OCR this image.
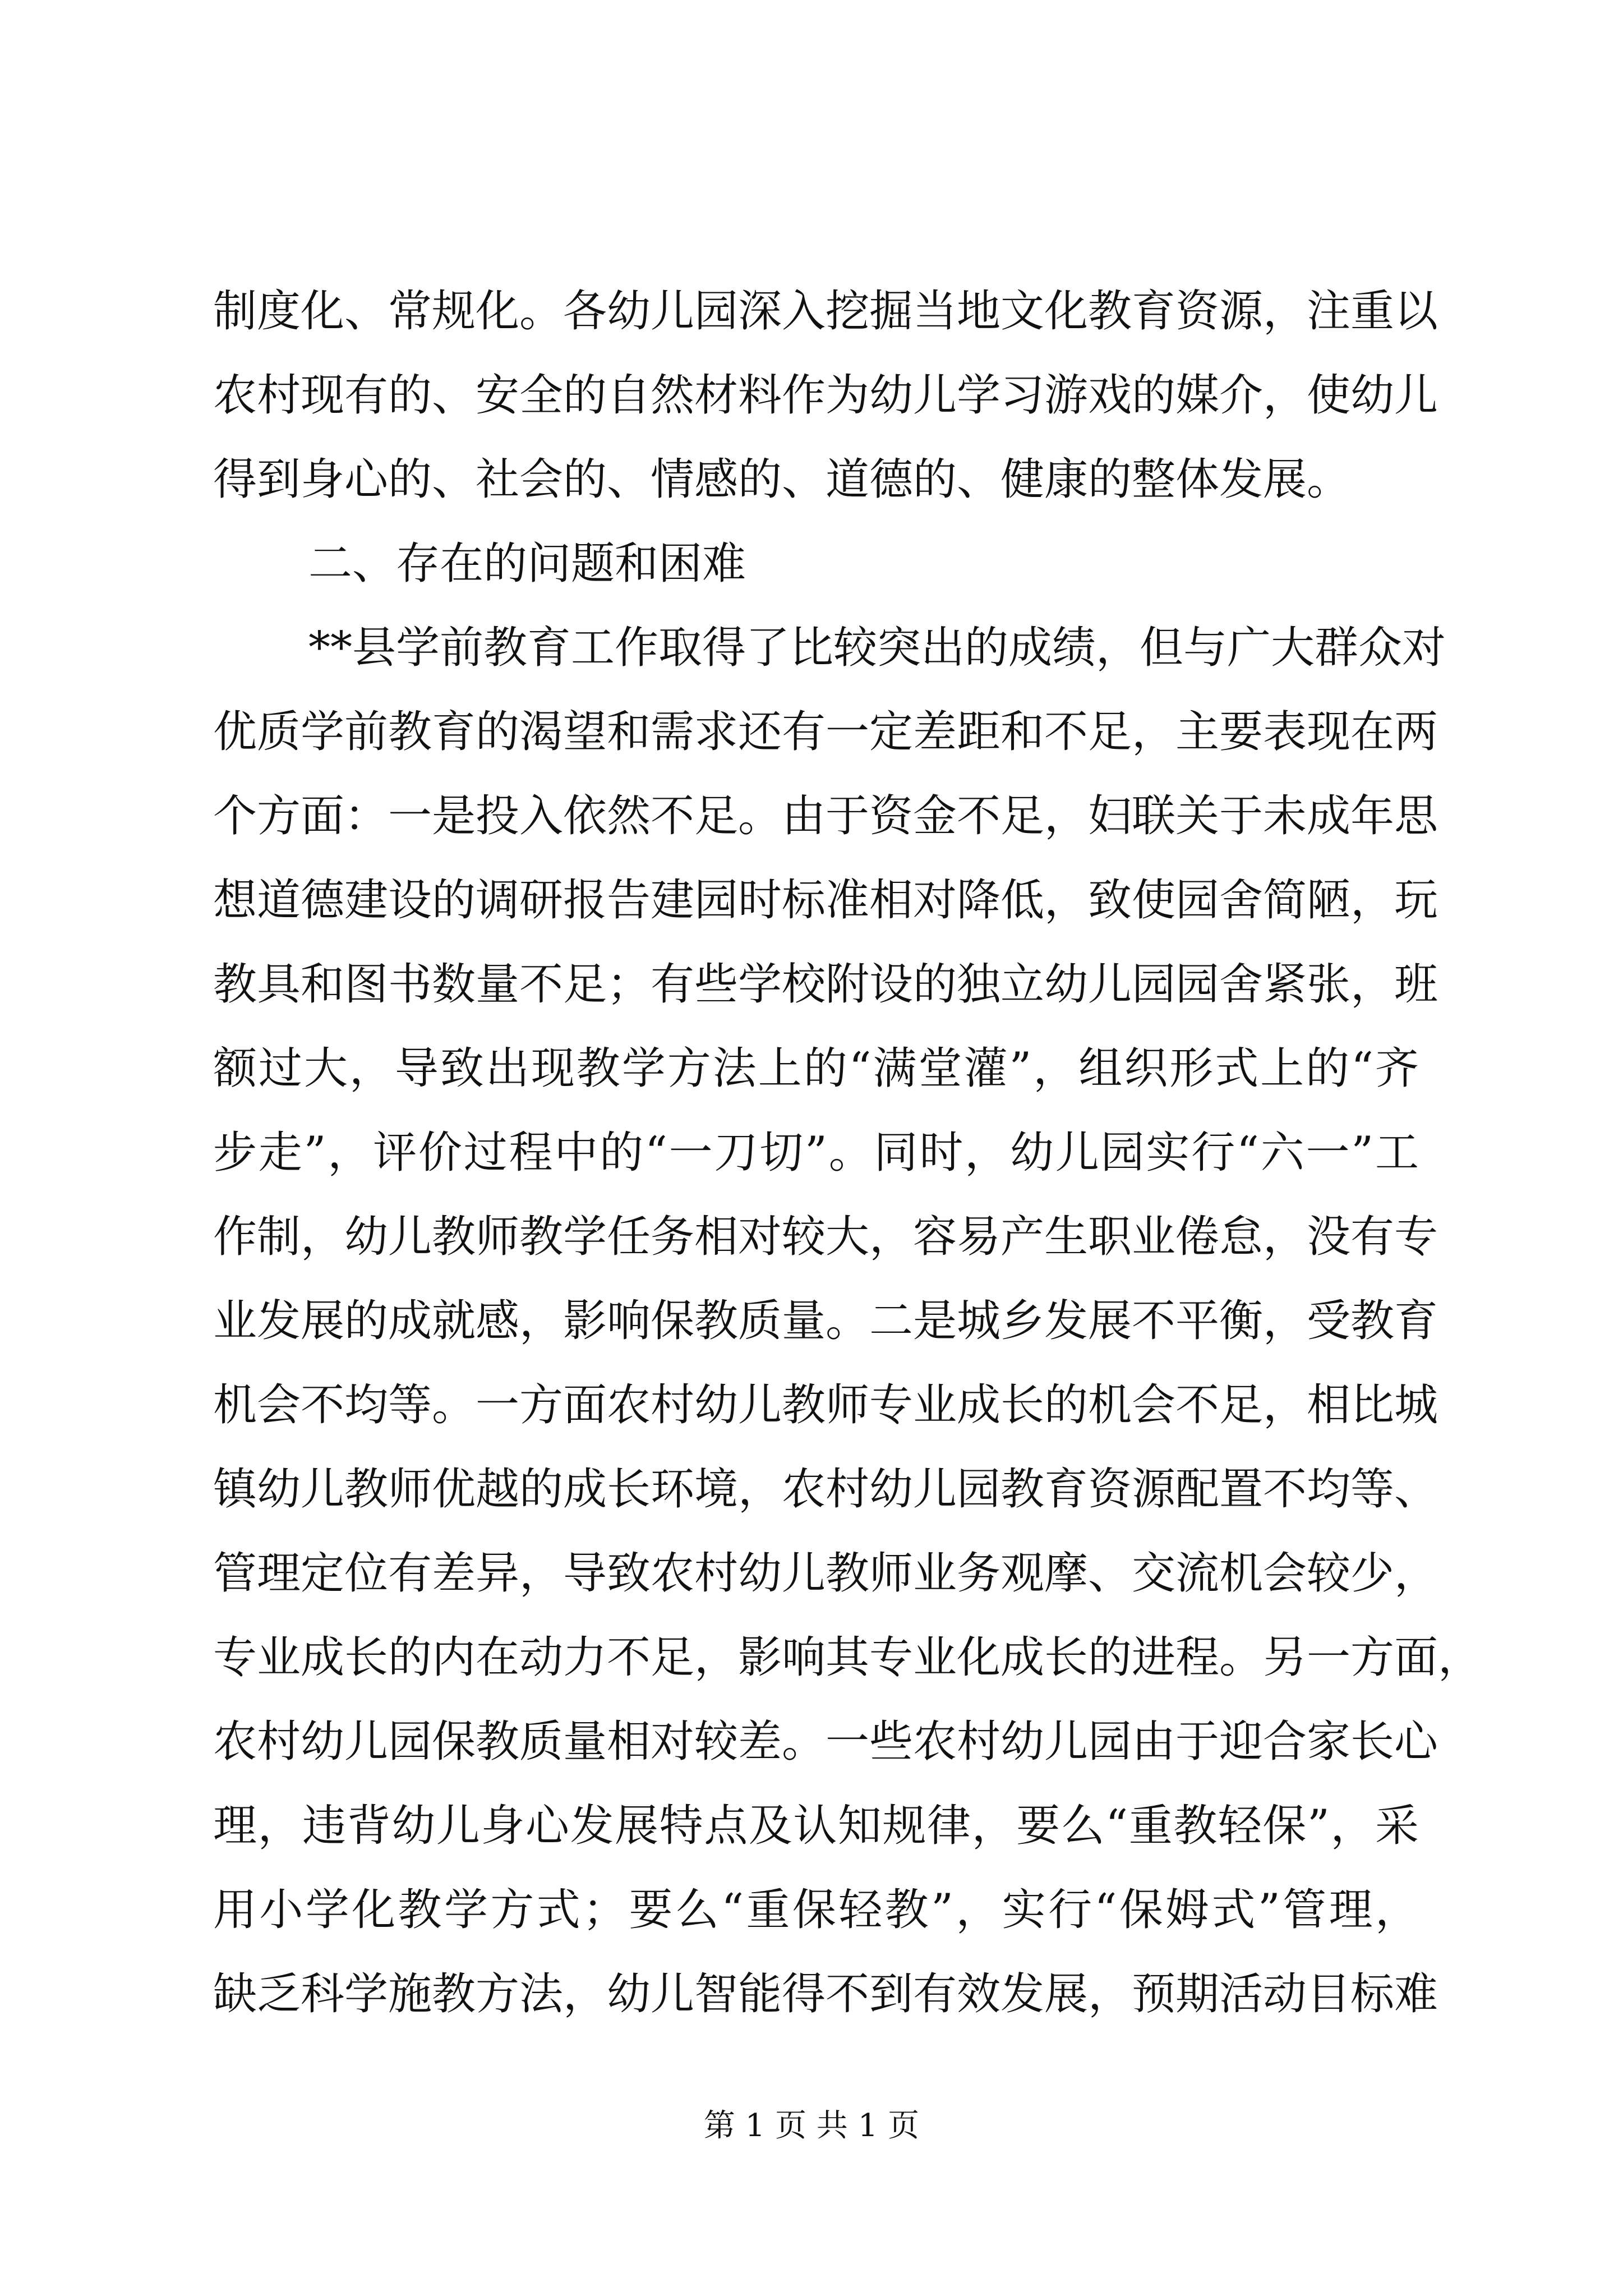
制度化、常规化。各幼儿园深入挖掘当地文化教育资源，注重以
农村现有的、安全的自然材料作为幼儿学习游戏的媒介，使幼儿
得到身心的、社会的、情感的、道德的、健康的整体发展。
二、存在的问题和困难
**县学前教育工作取得了比较突出的成绩，但与广大群众对
优质学前教育的渴望和需求还有一定差距和不足，主要表现在两
个方面：一是投入依然不足。由于资金不足，妇联关于未成年思
想道德建设的调研报告建园时标准相对降低，致使园舍简陋，玩
教具和图书数量不足；有些学校附设的独立幼儿园园舍紧张，班
额过大，导致出现教学方法上的“满堂灌”，组织形式上的“齐
步走”，评价过程中的“一刀切”。同时，幼儿园实行“六一”工
作制，幼儿教师教学任务相对较大，容易产生职业倦怠，没有专
业发展的成就感，影响保教质量。二是城乡发展不平衡，受教育
机会不均等。一方面农村幼儿教师专业成长的机会不足，相比城
镇幼儿教师优越的成长环境，农村幼儿园教育资源配置不均等、
管理定位有差异，导致农村幼儿教师业务观摩、交流机会较少，
专业成长的内在动力不足，影响其专业化成长的进程。另一方面，
农村幼儿园保教质量相对较差。一些农村幼儿园由于迎合家长心
理，违背幼儿身心发展特点及认知规律，要么“重教轻保”，采
用小学化教学方式；要么“重保轻教”，实行“保姆式”管理，
缺乏科学施教方法，幼儿智能得不到有效发展，预期活动目标难
第 1 页 共 1 页
